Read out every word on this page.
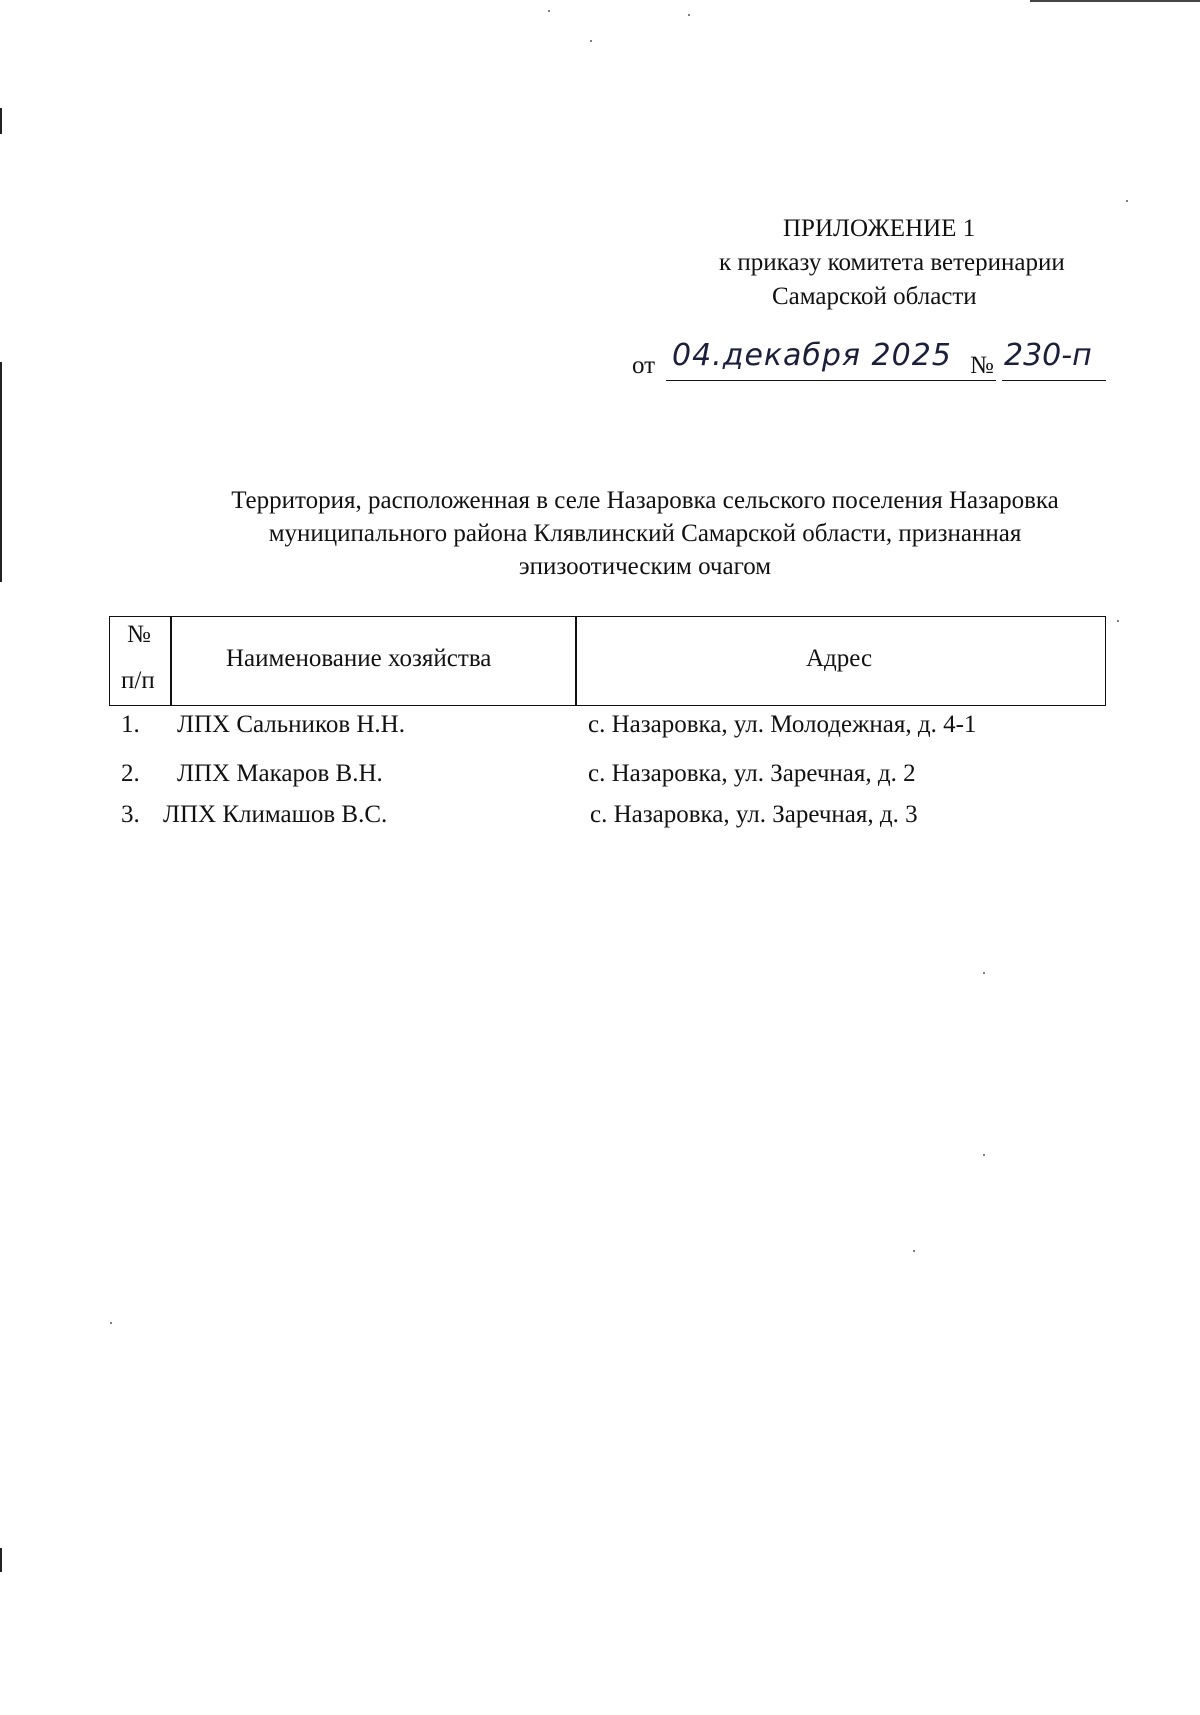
ПРИЛОЖЕНИЕ 1
к приказу комитета ветеринарии
Самарской области
от 04.декабря 2025 № 230-п
Территория, расположенная в селе Назаровка сельского поселения Назаровка
муниципального района Клявлинский Самарской области, признанная
эпизоотическим очагом
№
п/п
Наименование хозяйства	Адрес
1. ЛПХ Сальников Н.Н.	с. Назаровка, ул. Молодежная, д. 4-1
2. ЛПХ Макаров В.Н.	с. Назаровка, ул. Заречная, д. 2
3. ЛПХ Климашов В.С.	с. Назаровка, ул. Заречная, д. 3
